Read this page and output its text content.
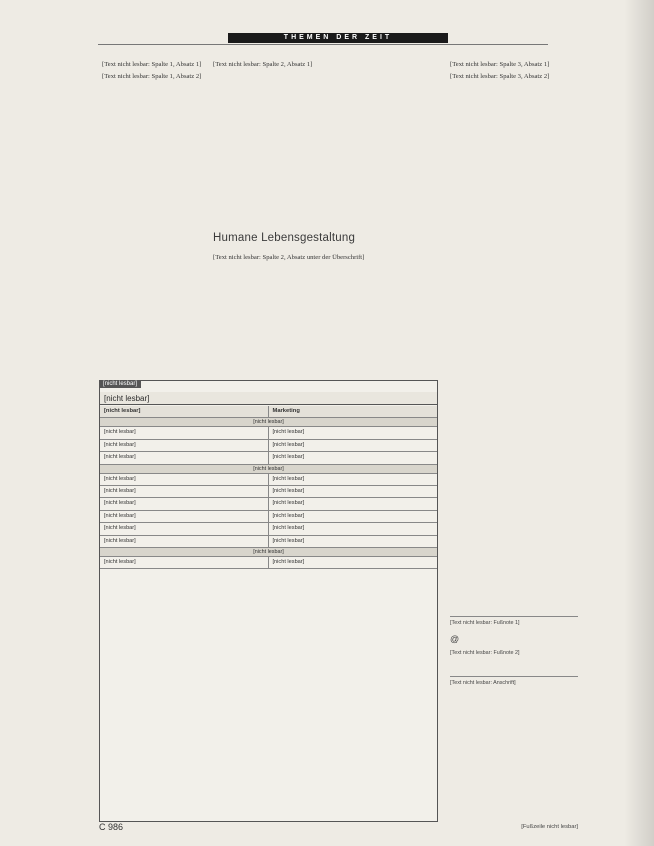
THEMEN DER ZEIT

[Text nicht lesbar: Spalte 1, Absatz 1]

[Text nicht lesbar: Spalte 1, Absatz 2]

[Text nicht lesbar: Spalte 2, Absatz 1]

Humane Lebensgestaltung

[Text nicht lesbar: Spalte 2, Absatz unter der Überschrift]

[Text nicht lesbar: Spalte 3, Absatz 1]

[Text nicht lesbar: Spalte 3, Absatz 2]

[nicht lesbar]
[nicht lesbar]
[nicht lesbar]	Marketing
[nicht lesbar]
[nicht lesbar]	[nicht lesbar]
[nicht lesbar]	[nicht lesbar]
[nicht lesbar]	[nicht lesbar]
[nicht lesbar]
[nicht lesbar]	[nicht lesbar]
[nicht lesbar]	[nicht lesbar]
[nicht lesbar]	[nicht lesbar]
[nicht lesbar]	[nicht lesbar]
[nicht lesbar]	[nicht lesbar]
[nicht lesbar]	[nicht lesbar]
[nicht lesbar]
[nicht lesbar]	[nicht lesbar]
[Text nicht lesbar: Fußnote 1]
@
[Text nicht lesbar: Fußnote 2]
[Text nicht lesbar: Anschrift]
C 986	[Fußzeile nicht lesbar]
